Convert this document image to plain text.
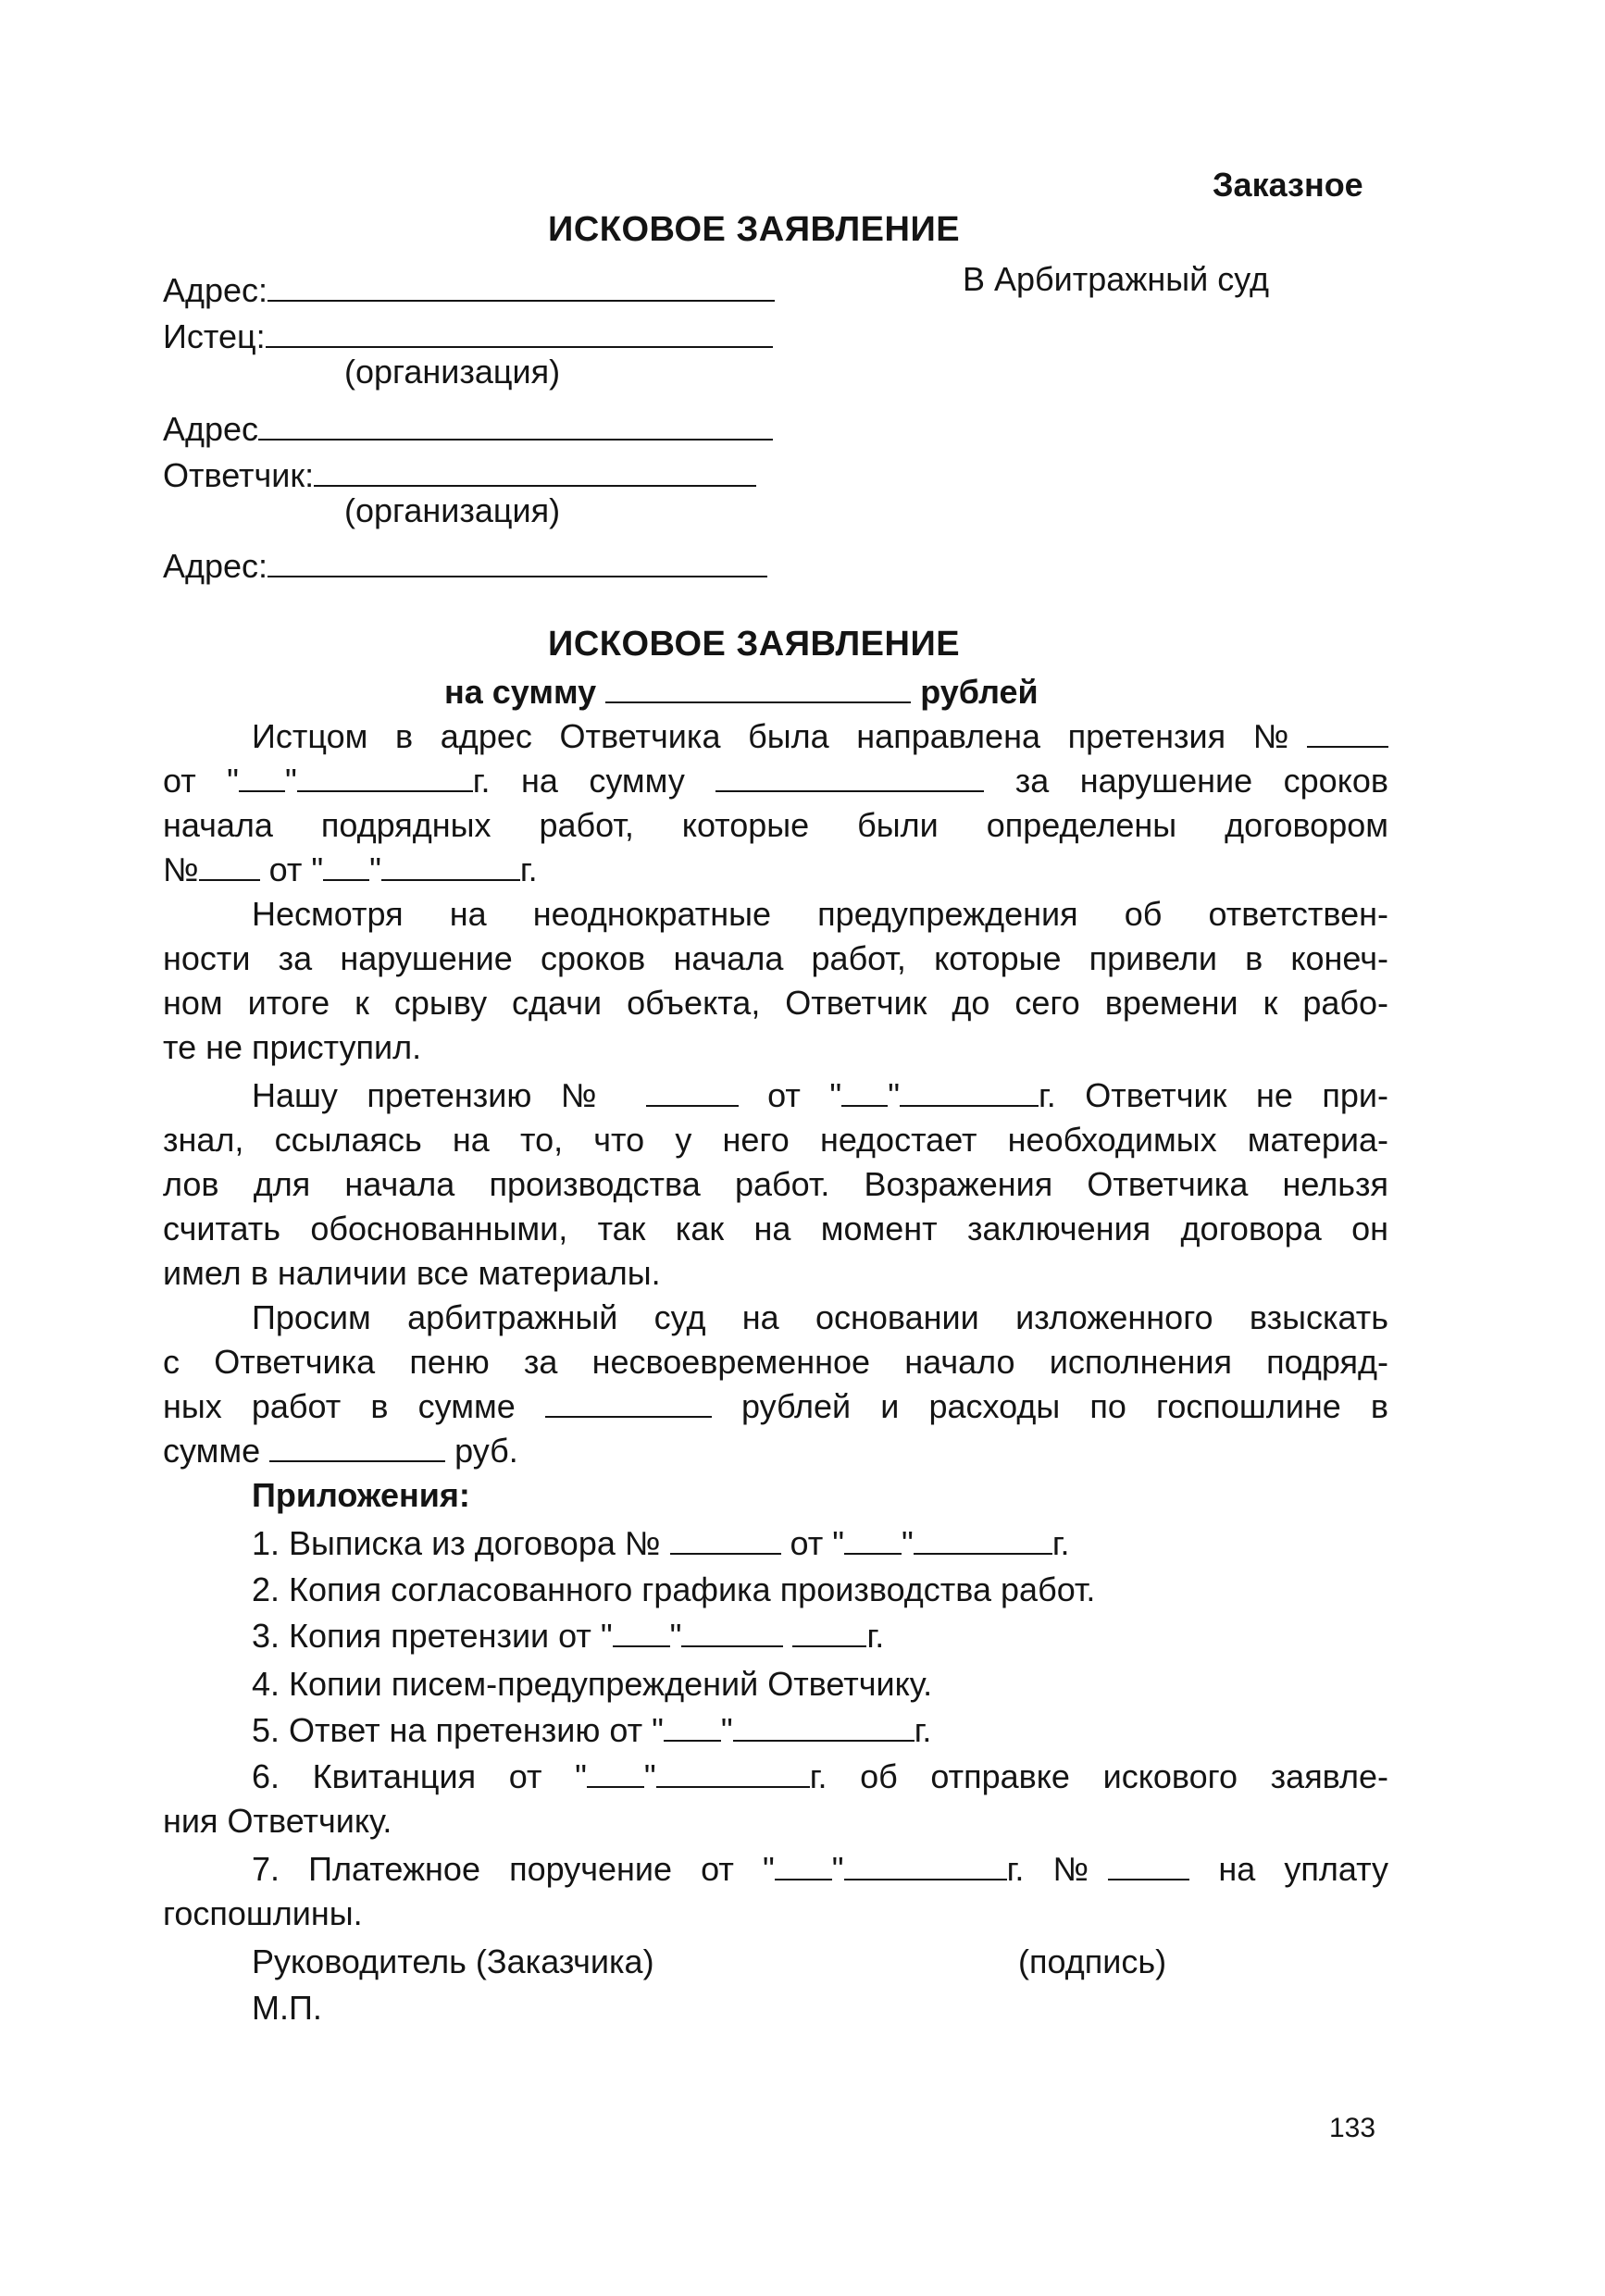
Заказное
ИСКОВОЕ ЗАЯВЛЕНИЕ
В Арбитражный суд
Адрес:
Истец:
(организация)
Адрес
Ответчик:
(организация)
Адрес:
ИСКОВОЕ ЗАЯВЛЕНИЕ
на сумму	рублей
Истцом в адрес Ответчика была направлена претензия №
от " "	г. на сумму	за нарушение сроков
начала подрядных работ, которые были определены договором
№ от " "	г.
Несмотря на неоднократные предупреждения об ответствен-
ности за нарушение сроков начала работ, которые привели в конеч-
ном итоге к срыву сдачи объекта, Ответчик до сего времени к рабо-
те не приступил.
Нашу претензию №	от " "	г. Ответчик не при-
знал, ссылаясь на то, что у него недостает необходимых материа-
лов для начала производства работ. Возражения Ответчика нельзя
считать обоснованными, так как на момент заключения договора он
имел в наличии все материалы.
Просим арбитражный суд на основании изложенного взыскать
с Ответчика пеню за несвоевременное начало исполнения подряд-
ных работ в сумме	рублей и расходы по госпошлине в
сумме	руб.
Приложения:
1. Выписка из договора №	от " "	г.
2. Копия согласованного графика производства работ.
3. Копия претензии от " "	г.
4. Копии писем-предупреждений Ответчику.
5. Ответ на претензию от " "	г.
6. Квитанция от " "	г. об отправке искового заявле-
ния Ответчику.
7. Платежное поручение от " "	г. №	на уплату
госпошлины.
Руководитель (Заказчика)	(подпись)
М.П.
133
